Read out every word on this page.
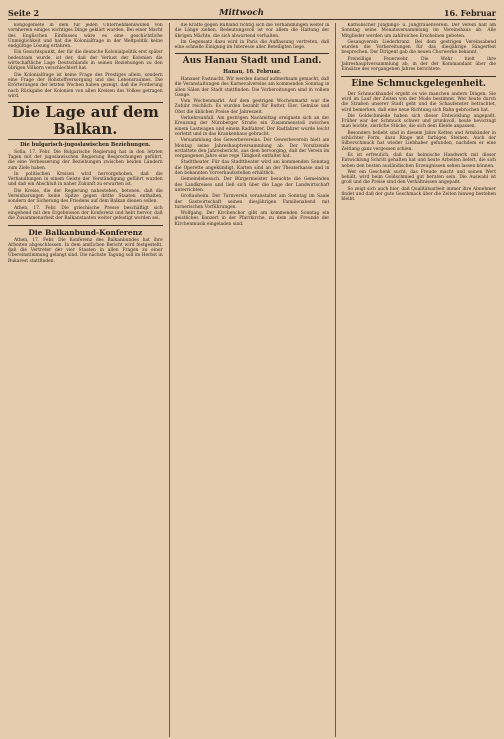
Seite 2	Mittwoch	16. Februar

kongogebiete in dem für jeden Unternehmenswillen von vornherein einiges wichtiges Dinge geklärt wurden. Bei einer Macht des Englischen Einflusses wäre es eine geschichtliche Unmöglichkeit und hat die Kolonialfrage in der Weltpolitik keine endgültige Lösung erfahren.

Ein Gesichtspunkt, der für die deutsche Kolonialpolitik erst später bedeutsam wurde, ist der, daß der Verlust der Kolonien die wirtschaftliche Lage Deutschlands in seinen Beziehungen zu den übrigen Völkern verschlechtert hat.

Die Kolonialfrage ist keine Frage des Prestiges allein, sondern eine Frage der Rohstoffversorgung und des Lebensraumes. Die Erörterungen der letzten Wochen haben gezeigt, daß die Forderung nach Rückgabe der Kolonien von allen Kreisen des Volkes getragen wird.

Die Lage auf dem Balkan.
Die bulgarisch-jugoslawischen Beziehungen.

Sofia, 17. Febr. Die Bulgarische Regierung hat in den letzten Tagen mit der jugoslawischen Regierung Besprechungen geführt, die eine Verbesserung der Beziehungen zwischen beiden Ländern zum Ziele haben.

In politischen Kreisen wird hervorgehoben, daß die Verhandlungen in einem Geiste der Verständigung geführt wurden und daß ein Abschluß in naher Zukunft zu erwarten ist.

Die Kreise, die der Regierung nahestehen, betonen, daß die Vereinbarungen keine Spitze gegen dritte Staaten enthalten, sondern der Sicherung des Friedens auf dem Balkan dienen sollen.

Athen, 17. Febr. Die griechische Presse beschäftigt sich eingehend mit den Ergebnissen der Konferenz und hebt hervor, daß die Zusammenarbeit der Balkanstaaten weiter gefestigt worden sei.

Die Balkanbund-Konferenz

Athen, 17. Febr. Die Konferenz des Balkanbundes hat ihre Arbeiten abgeschlossen. In dem amtlichen Bericht wird festgestellt, daß die Vertreter der vier Staaten in allen Fragen zu einer Übereinstimmung gelangt sind. Die nächste Tagung soll im Herbst in Bukarest stattfinden.

die Kräfte gegen Rußland richtig sich die Verhandlungen weiter in die Länge ziehen. Bedeutungsvoll ist vor allem die Haltung der übrigen Mächte, die sich abwartend verhalten.

Im Gegensatz dazu wird in Paris die Auffassung vertreten, daß eine schnelle Einigung im Interesse aller Beteiligten liege.

Aus Hanau Stadt und Land.
Hanau, 16. Februar.

Hanauer Fastnacht. Wir werden darauf aufmerksam gemacht, daß die Veranstaltungen des Karnevalvereins am kommenden Sonntag in allen Sälen der Stadt stattfinden. Die Vorbereitungen sind in vollem Gange.

Vom Wochenmarkt. Auf dem gestrigen Wochenmarkt war die Zufuhr reichlich. Es wurden bezahlt für Butter, Eier, Gemüse und Obst die üblichen Preise der Jahreszeit.

Verkehrsunfall. Am gestrigen Nachmittag ereignete sich an der Kreuzung der Nürnberger Straße ein Zusammenstoß zwischen einem Lastwagen und einem Radfahrer. Der Radfahrer wurde leicht verletzt und in das Krankenhaus gebracht.

Versammlung des Gewerbevereins. Der Gewerbeverein hielt am Montag seine Jahreshauptversammlung ab. Der Vorsitzende erstattete den Jahresbericht, aus dem hervorging, daß der Verein im vergangenen Jahre eine rege Tätigkeit entfaltet hat.

Stadttheater. Für das Stadttheater wird am kommenden Sonntag die Operette angekündigt. Karten sind an der Theaterkasse und in den bekannten Vorverkaufsstellen erhältlich.

Gemeindebesuch. Der Bürgermeister besuchte die Gemeinden des Landkreises und ließ sich über die Lage der Landwirtschaft unterrichten.

Großauheim. Der Turnverein veranstaltet am Sonntag im Saale der Gastwirtschaft seinen diesjährigen Familienabend mit turnerischen Vorführungen.

Wolfgang. Der Kirchenchor gibt am kommenden Sonntag ein geistliches Konzert in der Pfarrkirche, zu dem alle Freunde der Kirchenmusik eingeladen sind.

Katholischer Jünglings- u. Jungfrauenverein. Der Verein hält am Sonntag seine Monatsversammlung im Vereinshaus ab. Alle Mitglieder werden um zahlreiches Erscheinen gebeten.

Gesangverein Liederkranz. Bei dem gestrigen Vereinsabend wurden die Vorbereitungen für das diesjährige Sängerfest besprochen. Der Dirigent gab die neuen Chorwerke bekannt.

Freiwillige Feuerwehr. Die Wehr hielt ihre Jahreshauptversammlung ab, in der der Kommandant über die Einsätze des vergangenen Jahres berichtete.

Eine Schmuckgelegenheit.

Der Schmuckhandel ergeht es wie manchen andern Dingen: Sie wird im Lauf der Zeiten von der Mode bestimmt. Wer heute durch die Straßen unserer Stadt geht und die Schaufenster betrachtet, wird bemerken, daß eine neue Richtung sich Bahn gebrochen hat.

Die Goldschmiede haben sich dieser Entwicklung angepaßt. Früher war der Schmuck schwer und prunkvoll, heute bevorzugt man leichte, zierliche Stücke, die sich dem Kleide anpassen.

Besonders beliebt sind in diesem Jahre Ketten und Armbänder in schlichter Form, dazu Ringe mit farbigen Steinen. Auch der Silberschmuck hat wieder Liebhaber gefunden, nachdem er eine Zeitlang ganz vergessen schien.

Es ist erfreulich, daß das heimische Handwerk mit dieser Entwicklung Schritt gehalten hat und heute Arbeiten liefert, die sich neben den besten ausländischen Erzeugnissen sehen lassen können.

Wer ein Geschenk sucht, das Freude macht und seinen Wert behält, wird beim Goldschmied gut beraten sein. Die Auswahl ist groß und die Preise sind den Verhältnissen angepaßt.

So zeigt sich auch hier, daß Qualitätsarbeit immer ihre Abnehmer findet und daß der gute Geschmack über die Zeiten hinweg bestehen bleibt.
